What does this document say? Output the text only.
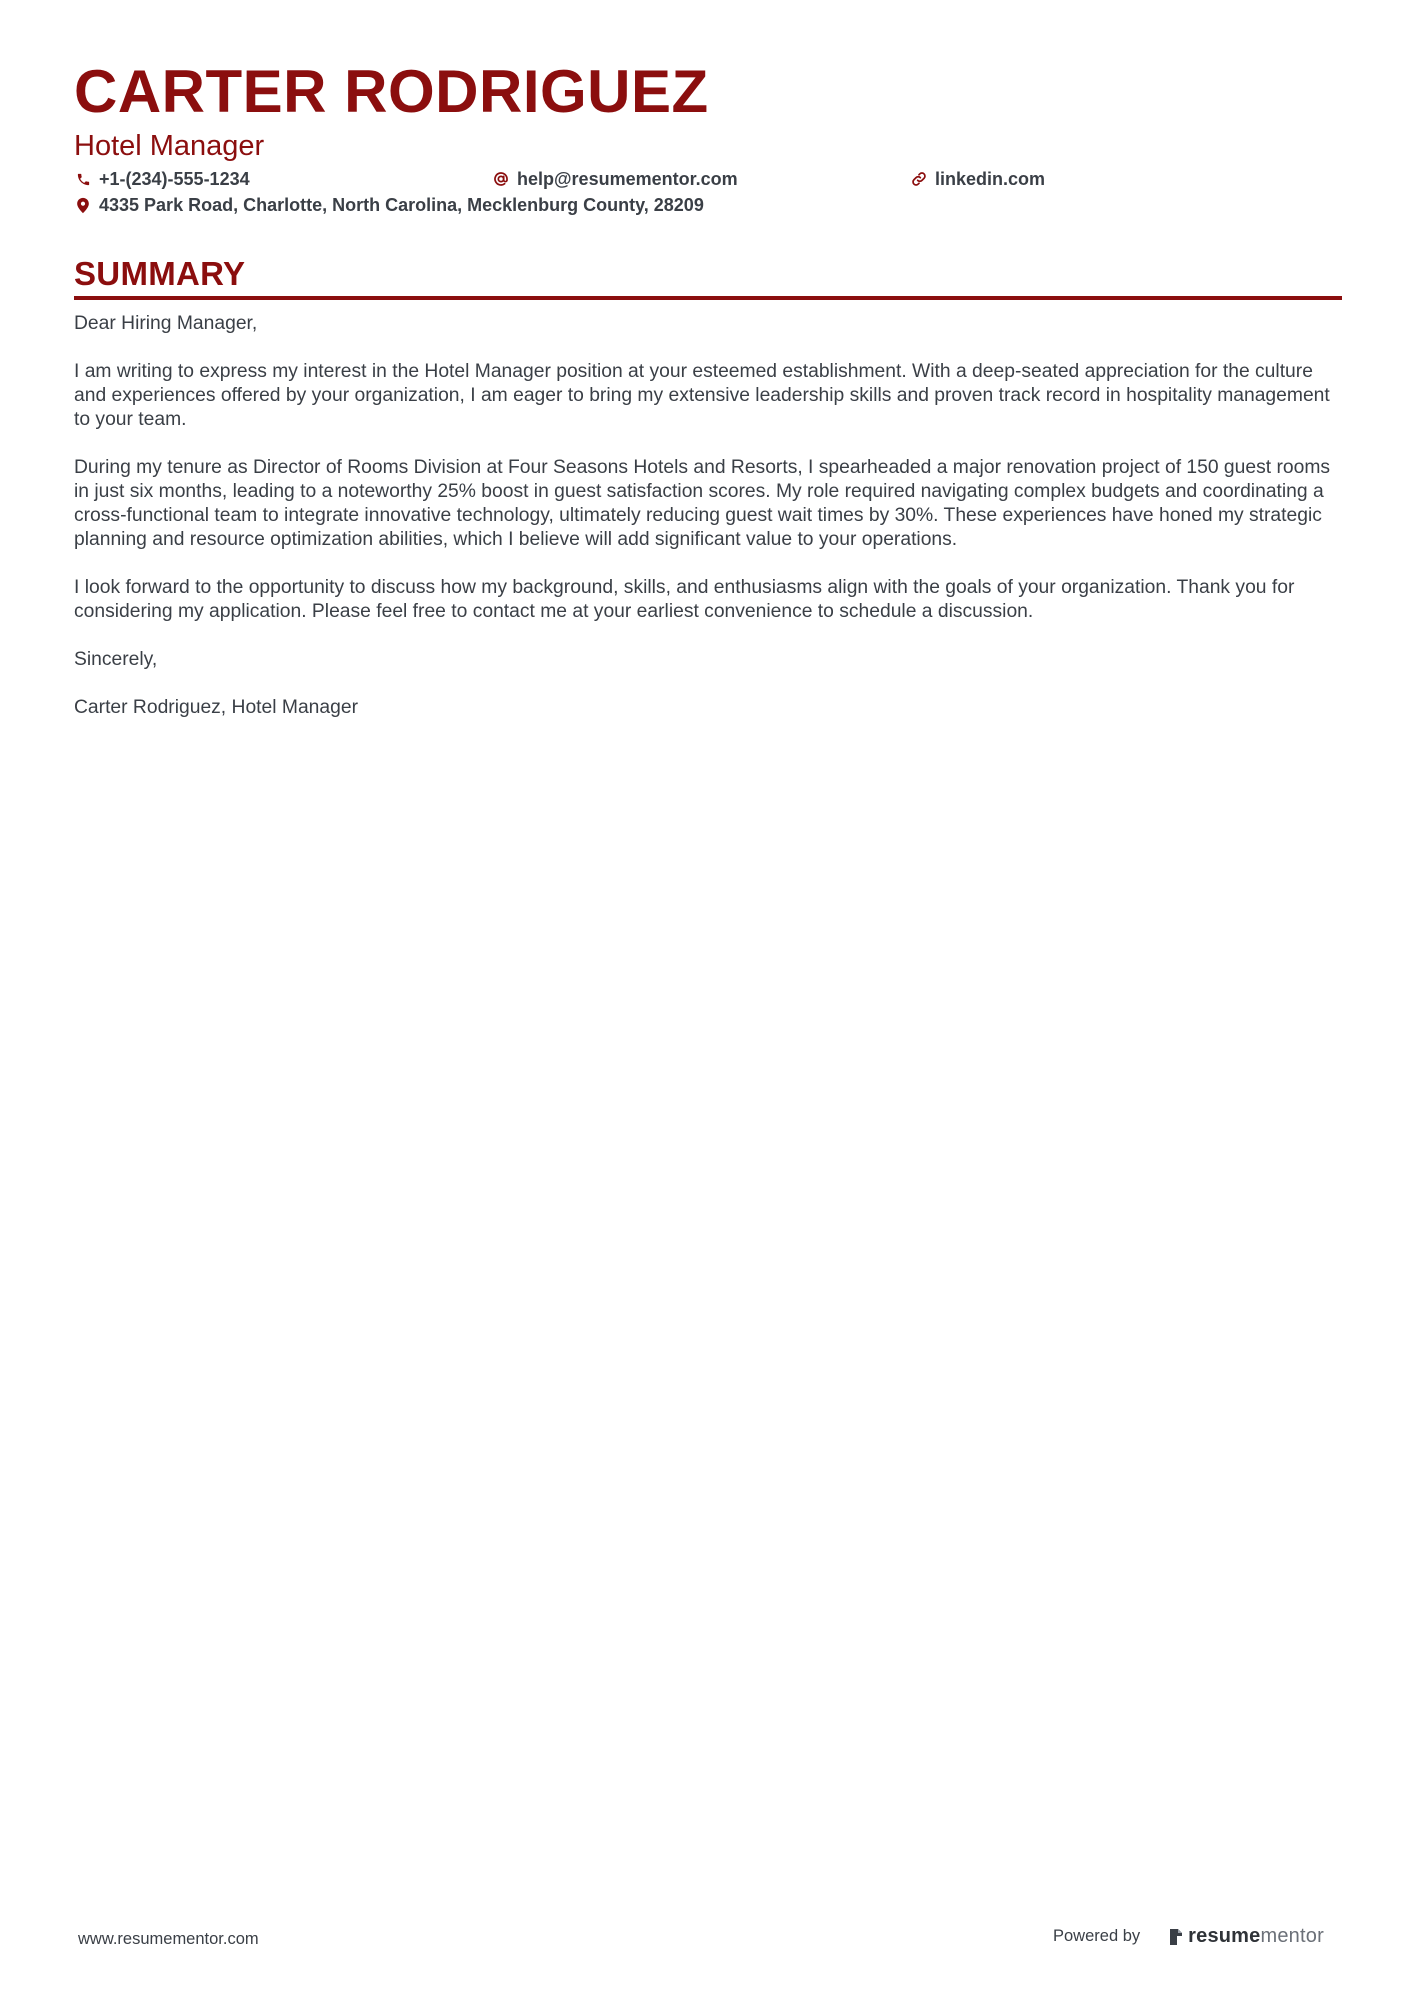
CARTER RODRIGUEZ
Hotel Manager
+1-(234)-555-1234	help@resumementor.com	linkedin.com
4335 Park Road, Charlotte, North Carolina, Mecklenburg County, 28209
SUMMARY

Dear Hiring Manager,

I am writing to express my interest in the Hotel Manager position at your esteemed establishment. With a deep-seated appreciation for the culture and experiences offered by your organization, I am eager to bring my extensive leadership skills and proven track record in hospitality management to your team.

During my tenure as Director of Rooms Division at Four Seasons Hotels and Resorts, I spearheaded a major renovation project of 150 guest rooms in just six months, leading to a noteworthy 25% boost in guest satisfaction scores. My role required navigating complex budgets and coordinating a cross-functional team to integrate innovative technology, ultimately reducing guest wait times by 30%. These experiences have honed my strategic planning and resource optimization abilities, which I believe will add significant value to your operations.

I look forward to the opportunity to discuss how my background, skills, and enthusiasms align with the goals of your organization. Thank you for considering my application. Please feel free to contact me at your earliest convenience to schedule a discussion.

Sincerely,

Carter Rodriguez, Hotel Manager

www.resumementor.com	Powered by resume mentor
